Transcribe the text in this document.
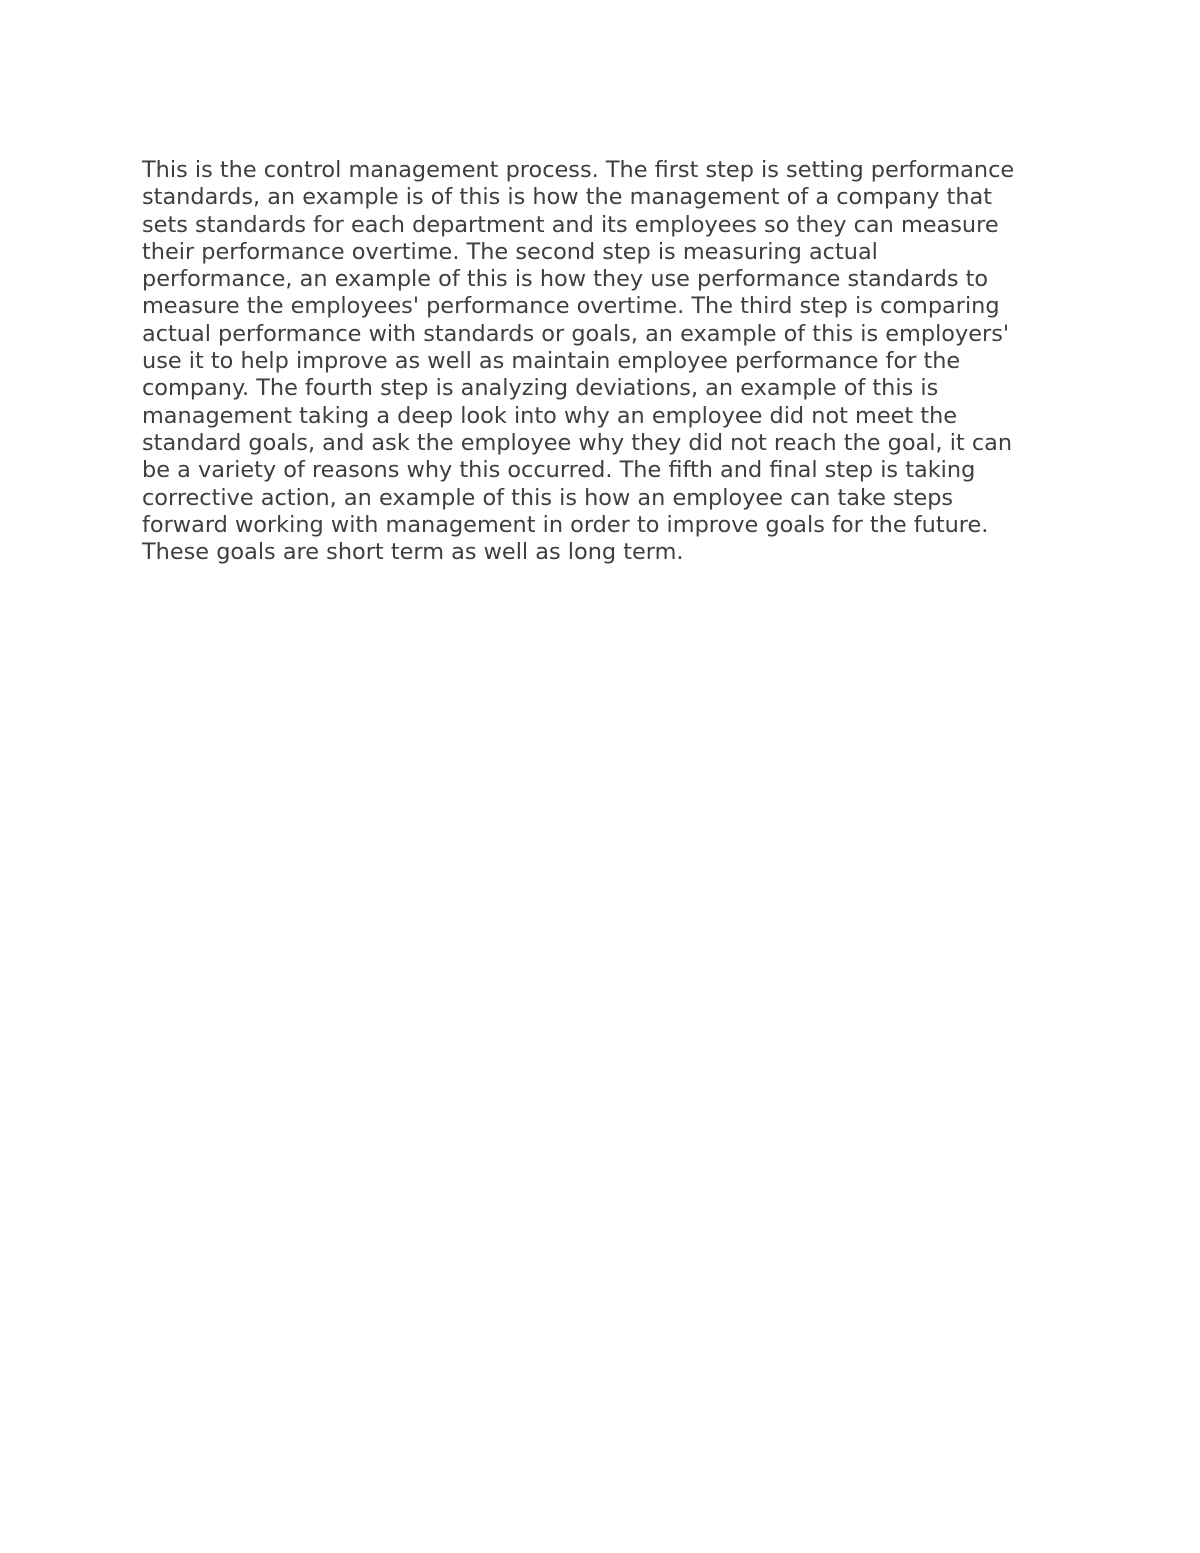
This is the control management process. The first step is setting performance
standards, an example is of this is how the management of a company that
sets standards for each department and its employees so they can measure
their performance overtime. The second step is measuring actual
performance, an example of this is how they use performance standards to
measure the employees' performance overtime. The third step is comparing
actual performance with standards or goals, an example of this is employers'
use it to help improve as well as maintain employee performance for the
company. The fourth step is analyzing deviations, an example of this is
management taking a deep look into why an employee did not meet the
standard goals, and ask the employee why they did not reach the goal, it can
be a variety of reasons why this occurred. The fifth and final step is taking
corrective action, an example of this is how an employee can take steps
forward working with management in order to improve goals for the future.
These goals are short term as well as long term.
